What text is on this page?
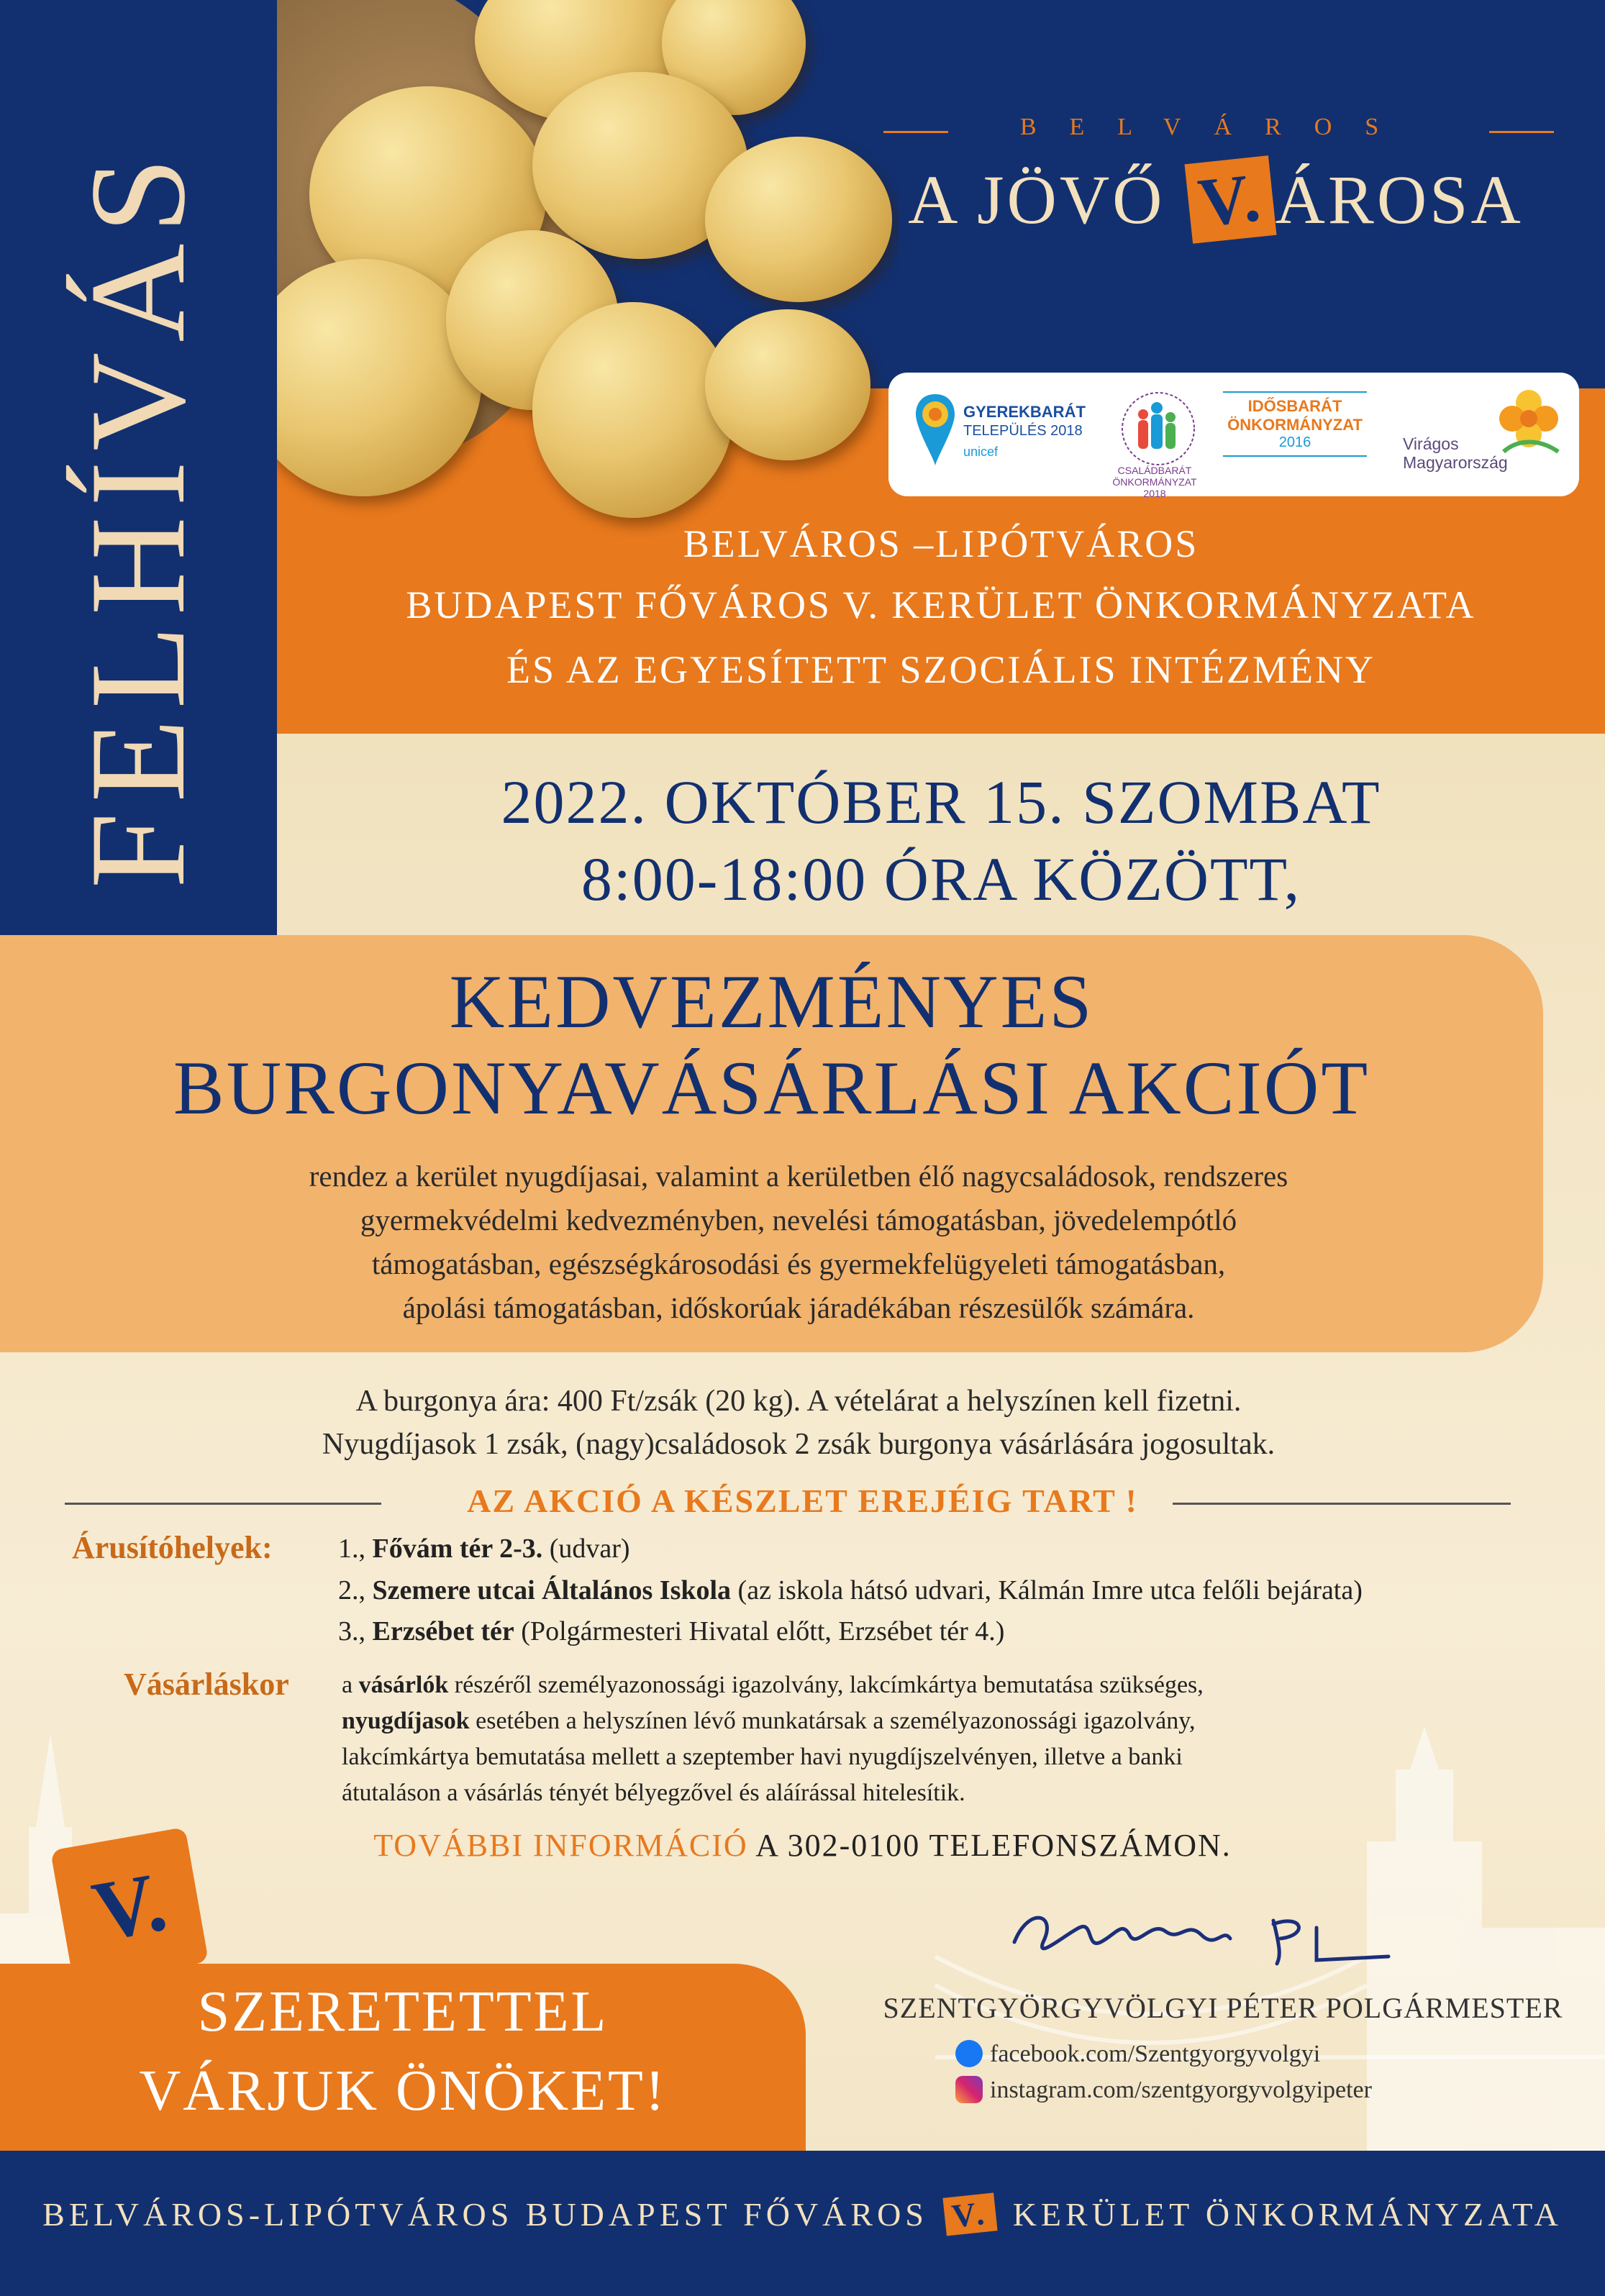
FELHÍVÁS
BELVÁROS
A JÖVŐ V. ÁROSA
GYEREKBARÁT
TELEPÜLÉS 2018
unicef
CSALÁDBARÁT ÖNKORMÁNYZAT 2018
IDŐSBARÁT
ÖNKORMÁNYZAT
2016	Virágos Magyarország
BELVÁROS –LIPÓTVÁROS
BUDAPEST FŐVÁROS V. KERÜLET ÖNKORMÁNYZATA
ÉS AZ EGYESÍTETT SZOCIÁLIS INTÉZMÉNY
2022. OKTÓBER 15. SZOMBAT
8:00-18:00 ÓRA KÖZÖTT,
KEDVEZMÉNYES
BURGONYAVÁSÁRLÁSI AKCIÓT
rendez a kerület nyugdíjasai, valamint a kerületben élő nagycsaládosok, rendszeres
gyermekvédelmi kedvezményben, nevelési támogatásban, jövedelempótló
támogatásban, egészségkárosodási és gyermekfelügyeleti támogatásban,
ápolási támogatásban, időskorúak járadékában részesülők számára.
A burgonya ára: 400 Ft/zsák (20 kg). A vételárat a helyszínen kell fizetni.
Nyugdíjasok 1 zsák, (nagy)családosok 2 zsák burgonya vásárlására jogosultak.
AZ AKCIÓ A KÉSZLET EREJÉIG TART !
Árusítóhelyek: 1., Fővám tér 2-3. (udvar)
2., Szemere utcai Általános Iskola (az iskola hátsó udvari, Kálmán Imre utca felőli bejárata)
3., Erzsébet tér (Polgármesteri Hivatal előtt, Erzsébet tér 4.)
Vásárláskor a vásárlók részéről személyazonossági igazolvány, lakcímkártya bemutatása szükséges,
nyugdíjasok esetében a helyszínen lévő munkatársak a személyazonossági igazolvány,
lakcímkártya bemutatása mellett a szeptember havi nyugdíjszelvényen, illetve a banki
átutaláson a vásárlás tényét bélyegzővel és aláírással hitelesítik.
TOVÁBBI INFORMÁCIÓ A 302-0100 TELEFONSZÁMON.
SZERETETTEL
VÁRJUK ÖNÖKET!
V.
SZENTGYÖRGYVÖLGYI PÉTER POLGÁRMESTER
facebook.com/Szentgyorgyvolgyi
instagram.com/szentgyorgyvolgyipeter
BELVÁROS-LIPÓTVÁROS BUDAPEST FŐVÁROS V. KERÜLET ÖNKORMÁNYZATA
